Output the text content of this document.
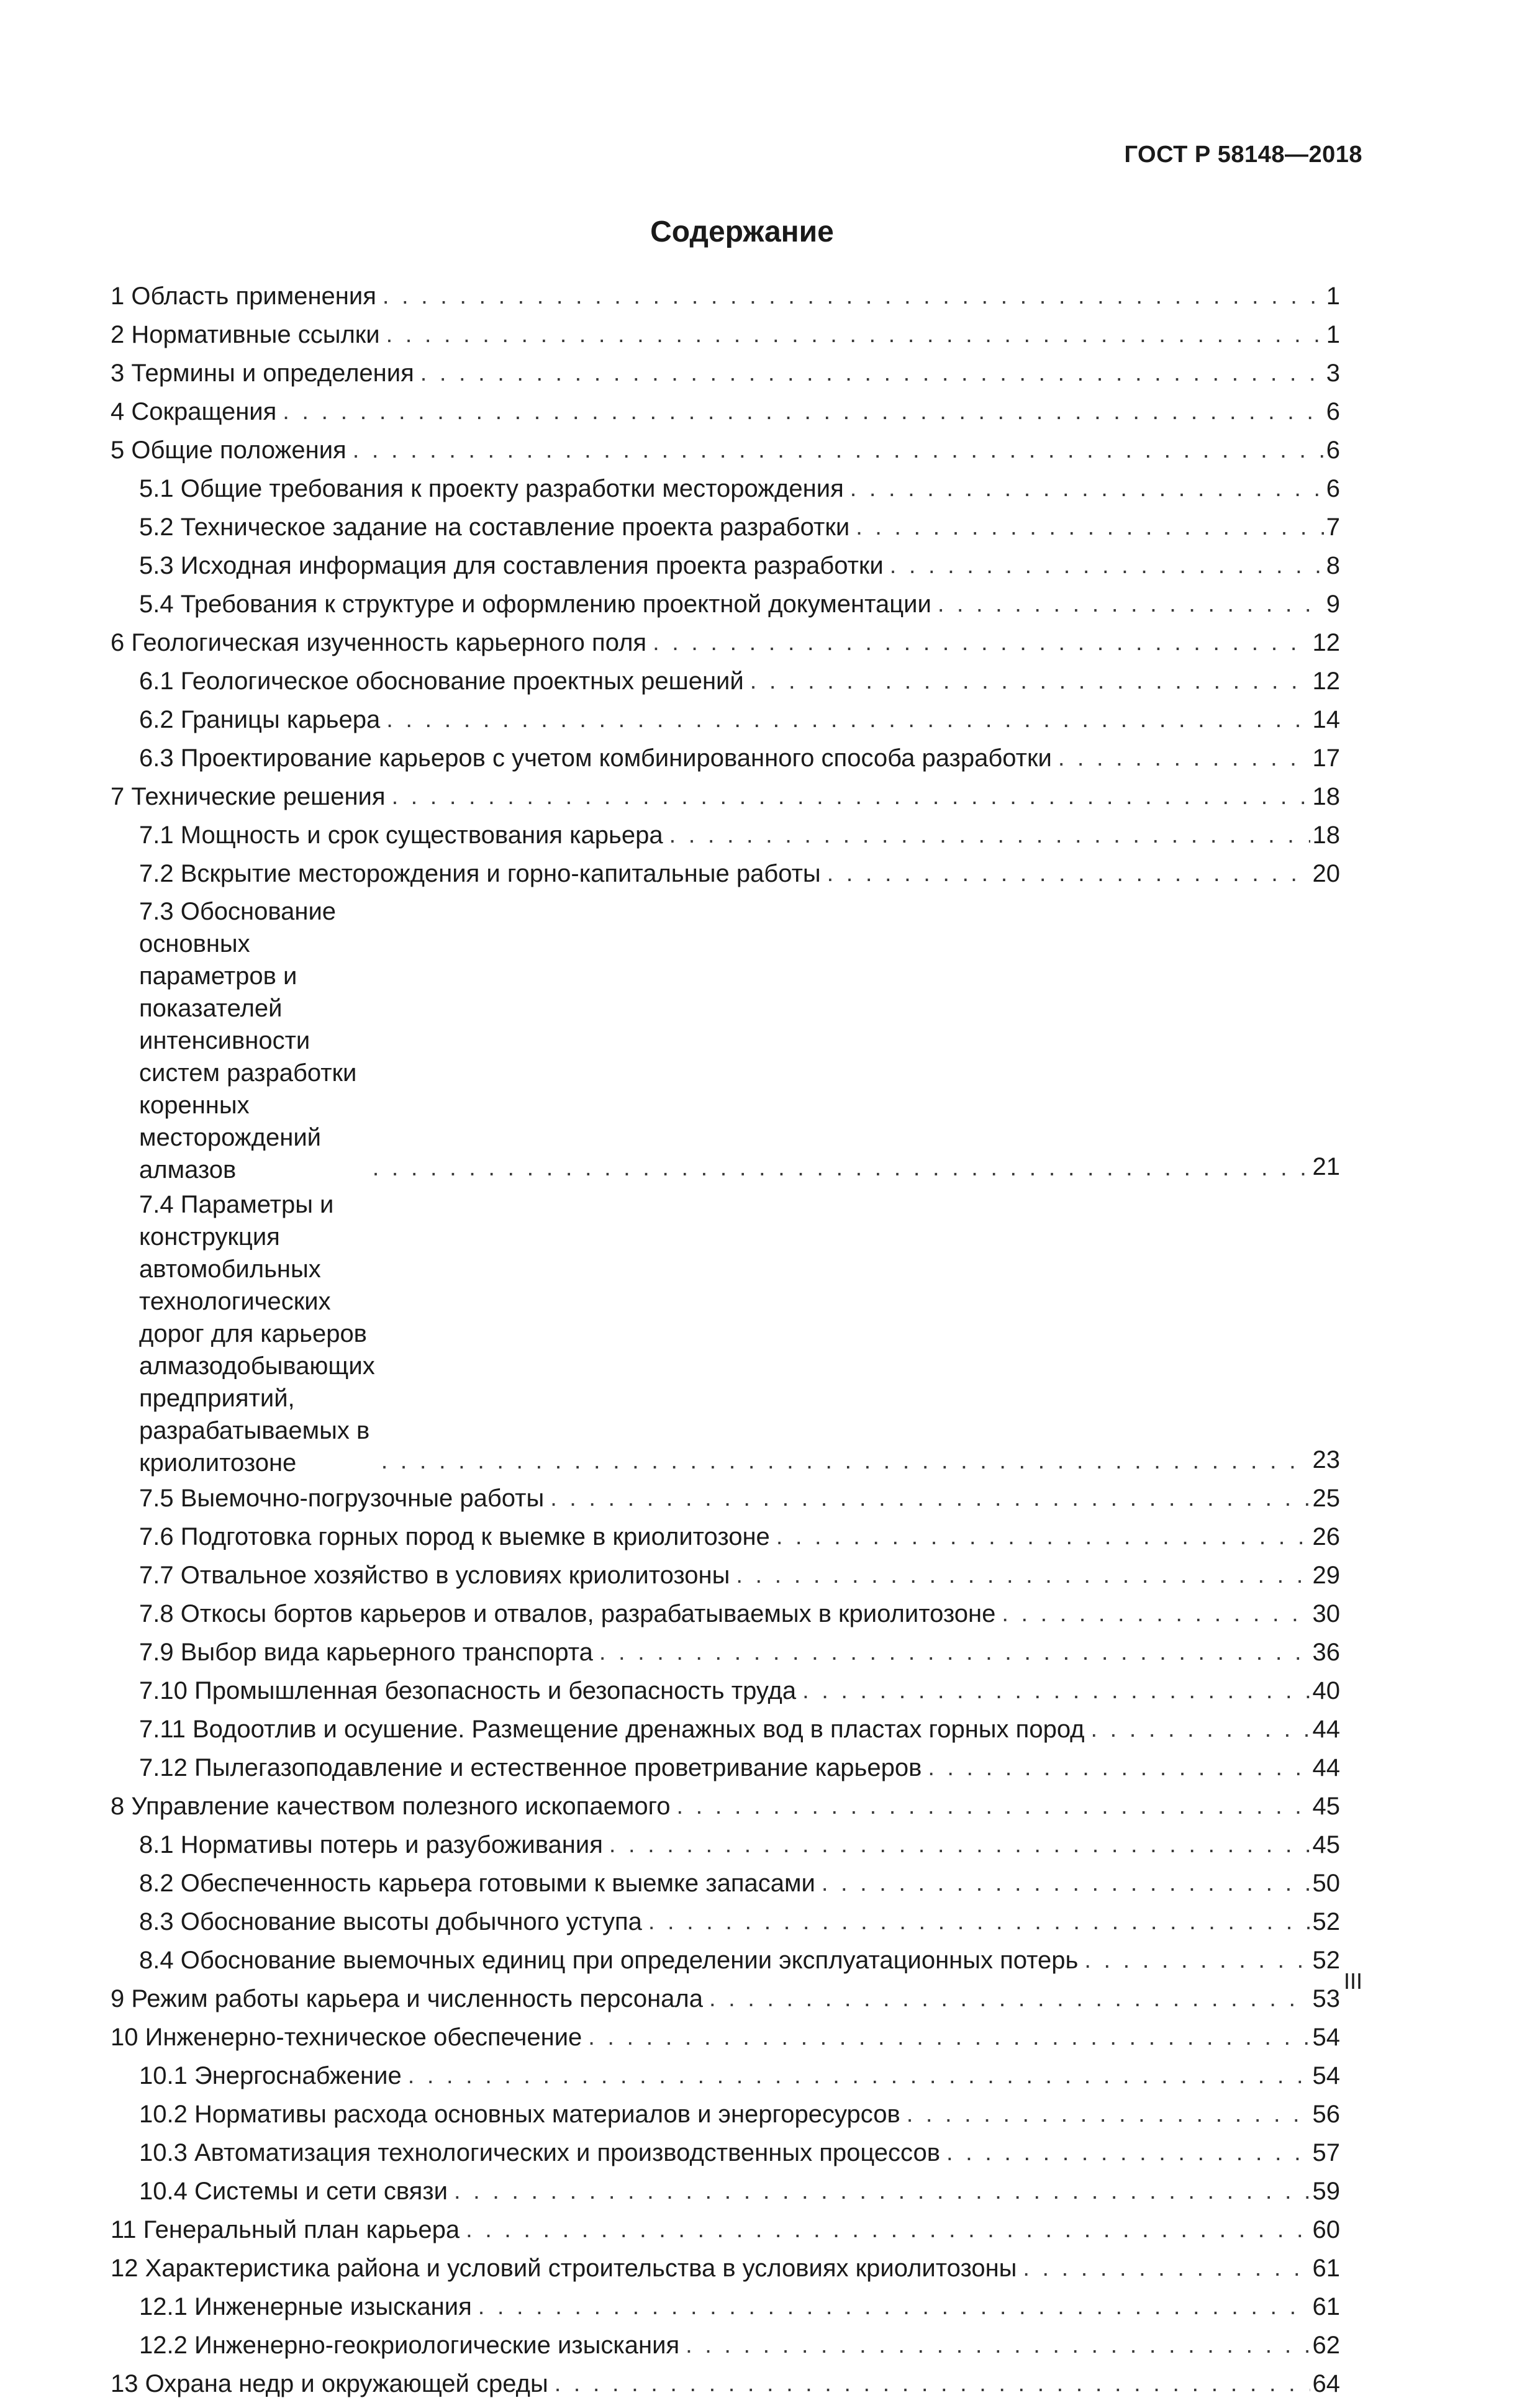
ГОСТ Р 58148—2018
Содержание
1 Область применения . . .	1
2 Нормативные ссылки . . .	1
3 Термины и определения . . .	3
4 Сокращения . . .	6
5 Общие положения . . .	6
5.1 Общие требования к проекту разработки месторождения . . .	6
5.2 Техническое задание на составление проекта разработки . . .	7
5.3 Исходная информация для составления проекта разработки . . .	8
5.4 Требования к структуре и оформлению проектной документации . . .	9
6 Геологическая изученность карьерного поля . . .	12
6.1 Геологическое обоснование проектных решений . . .	12
6.2 Границы карьера . . .	14
6.3 Проектирование карьеров с учетом комбинированного способа разработки . . .	17
7 Технические решения . . .	18
7.1 Мощность и срок существования карьера . . .	18
7.2 Вскрытие месторождения и горно-капитальные работы . . .	20
7.3 Обоснование основных параметров и показателей интенсивности систем разработки
коренных месторождений алмазов . . .	21
7.4 Параметры и конструкция автомобильных технологических дорог для карьеров
алмазодобывающих предприятий, разрабатываемых в криолитозоне . . .	23
7.5 Выемочно-погрузочные работы . . .	25
7.6 Подготовка горных пород к выемке в криолитозоне . . .	26
7.7 Отвальное хозяйство в условиях криолитозоны . . .	29
7.8 Откосы бортов карьеров и отвалов, разрабатываемых в криолитозоне . . .	30
7.9 Выбор вида карьерного транспорта . . .	36
7.10 Промышленная безопасность и безопасность труда . . .	40
7.11 Водоотлив и осушение. Размещение дренажных вод в пластах горных пород . . .	44
7.12 Пылегазоподавление и естественное проветривание карьеров . . .	44
8 Управление качеством полезного ископаемого . . .	45
8.1 Нормативы потерь и разубоживания . . .	45
8.2 Обеспеченность карьера готовыми к выемке запасами . . .	50
8.3 Обоснование высоты добычного уступа . . .	52
8.4 Обоснование выемочных единиц при определении эксплуатационных потерь . . .	52
9 Режим работы карьера и численность персонала . . .	53
10 Инженерно-техническое обеспечение . . .	54
10.1 Энергоснабжение . . .	54
10.2 Нормативы расхода основных материалов и энергоресурсов . . .	56
10.3 Автоматизация технологических и производственных процессов . . .	57
10.4 Системы и сети связи . . .	59
11 Генеральный план карьера . . .	60
12 Характеристика района и условий строительства в условиях криолитозоны . . .	61
12.1 Инженерные изыскания . . .	61
12.2 Инженерно-геокриологические изыскания . . .	62
13 Охрана недр и окружающей среды . . .	64
III
